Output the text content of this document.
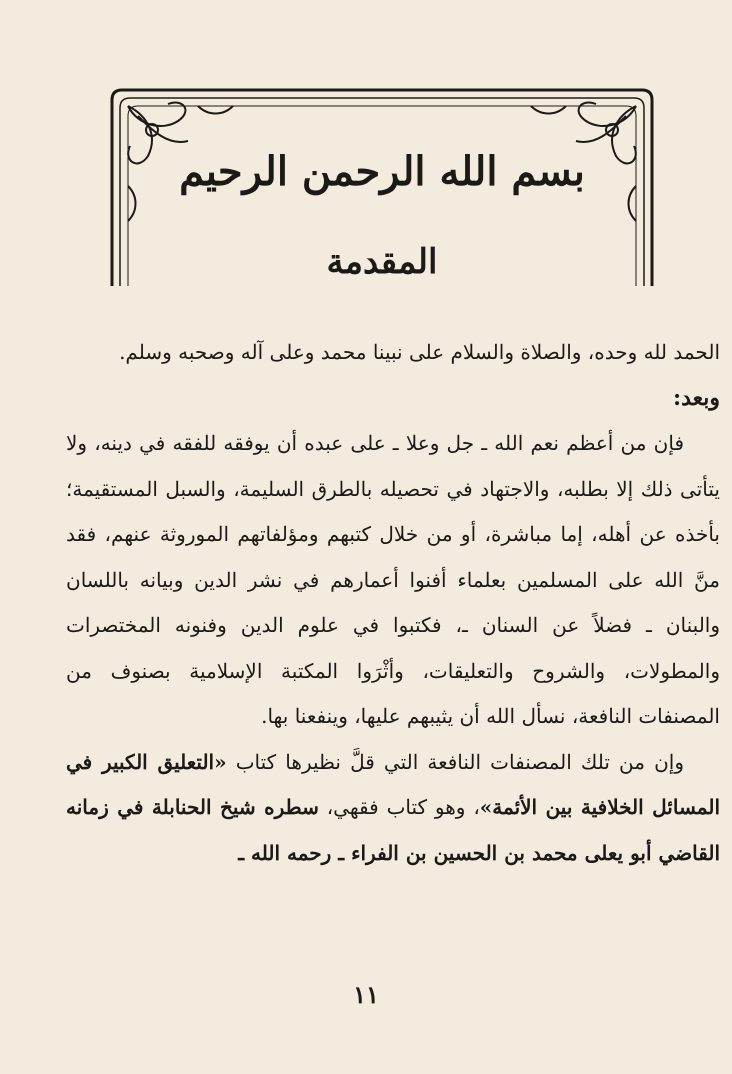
بسم الله الرحمن الرحيم
المقدمة

الحمد لله وحده، والصلاة والسلام على نبينا محمد وعلى آله وصحبه وسلم.

وبعد:

فإن من أعظم نعم الله ـ جل وعلا ـ على عبده أن يوفقه للفقه في دينه، ولا يتأتى ذلك إلا بطلبه، والاجتهاد في تحصيله بالطرق السليمة، والسبل المستقيمة؛ بأخذه عن أهله، إما مباشرة، أو من خلال كتبهم ومؤلفاتهم الموروثة عنهم، فقد منَّ الله على المسلمين بعلماء أفنوا أعمارهم في نشر الدين وبيانه باللسان والبنان ـ فضلاً عن السنان ـ، فكتبوا في علوم الدين وفنونه المختصرات والمطولات، والشروح والتعليقات، وأثْرَوا المكتبة الإسلامية بصنوف من المصنفات النافعة، نسأل الله أن يثيبهم عليها، وينفعنا بها.

وإن من تلك المصنفات النافعة التي قلَّ نظيرها كتاب «التعليق الكبير في المسائل الخلافية بين الأئمة»، وهو كتاب فقهي، سطره شيخ الحنابلة في زمانه القاضي أبو يعلى محمد بن الحسين بن الفراء ـ رحمه الله ـ

١١
